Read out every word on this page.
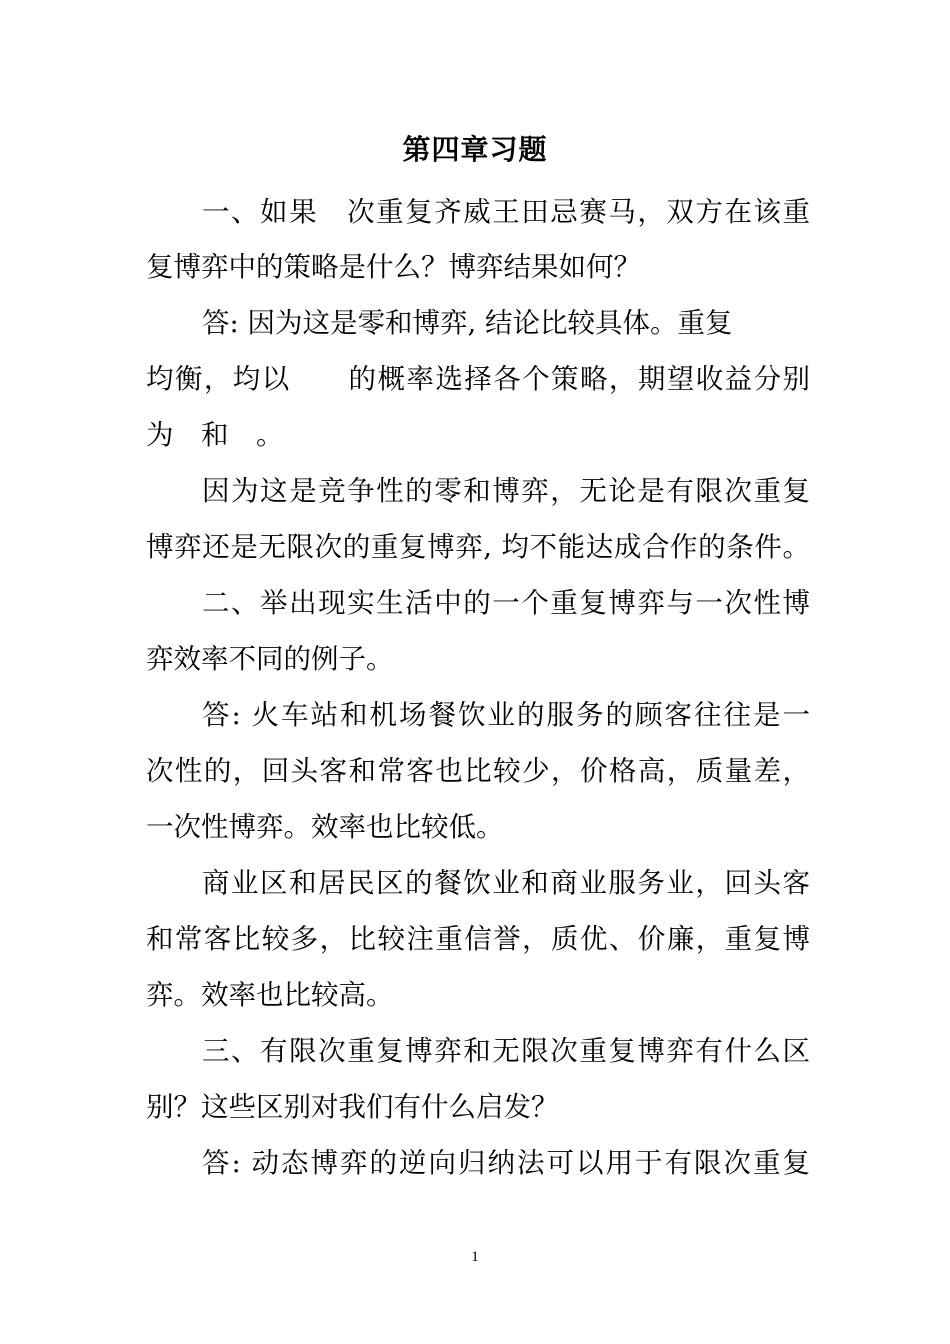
第四章习题
一、如果　次重复齐威王田忌赛马，双方在该重
复博弈中的策略是什么？博弈结果如何？
答: 因为这是零和博弈, 结论比较具体。重复
均衡，均以　　的概率选择各个策略，期望收益分别
为　和　。
因为这是竞争性的零和博弈，无论是有限次重复
博弈还是无限次的重复博弈, 均不能达成合作的条件。
二、举出现实生活中的一个重复博弈与一次性博
弈效率不同的例子。
答: 火车站和机场餐饮业的服务的顾客往往是一
次性的，回头客和常客也比较少，价格高，质量差，
一次性博弈。效率也比较低。
商业区和居民区的餐饮业和商业服务业，回头客
和常客比较多，比较注重信誉，质优、价廉，重复博
弈。效率也比较高。
三、有限次重复博弈和无限次重复博弈有什么区
别？这些区别对我们有什么启发？
答: 动态博弈的逆向归纳法可以用于有限次重复
1
